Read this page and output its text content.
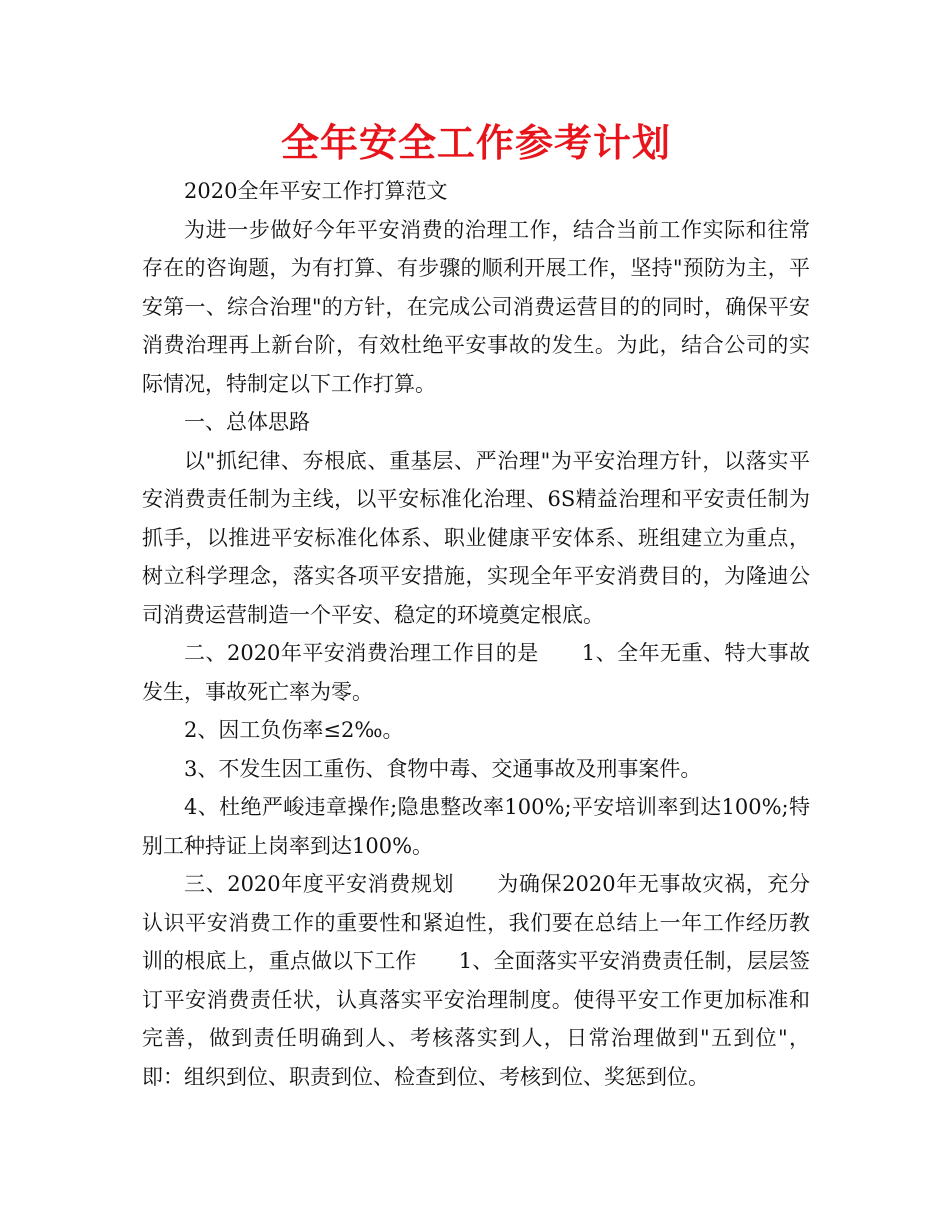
全年安全工作参考计划

2020全年平安工作打算范文

为进一步做好今年平安消费的治理工作，结合当前工作实际和往常存在的咨询题，为有打算、有步骤的顺利开展工作，坚持"预防为主，平安第一、综合治理"的方针，在完成公司消费运营目的的同时，确保平安消费治理再上新台阶，有效杜绝平安事故的发生。为此，结合公司的实际情况，特制定以下工作打算。

一、总体思路

以"抓纪律、夯根底、重基层、严治理"为平安治理方针，以落实平安消费责任制为主线，以平安标准化治理、6S精益治理和平安责任制为抓手，以推进平安标准化体系、职业健康平安体系、班组建立为重点，树立科学理念，落实各项平安措施，实现全年平安消费目的，为隆迪公司消费运营制造一个平安、稳定的环境奠定根底。

二、2020年平安消费治理工作目的是　　1、全年无重、特大事故发生，事故死亡率为零。

2、因工负伤率≤2‰。

3、不发生因工重伤、食物中毒、交通事故及刑事案件。

4、杜绝严峻违章操作;隐患整改率100%;平安培训率到达100%;特别工种持证上岗率到达100%。

三、2020年度平安消费规划　　为确保2020年无事故灾祸，充分认识平安消费工作的重要性和紧迫性，我们要在总结上一年工作经历教训的根底上，重点做以下工作　　1、全面落实平安消费责任制，层层签订平安消费责任状，认真落实平安治理制度。使得平安工作更加标准和完善，做到责任明确到人、考核落实到人，日常治理做到"五到位"，即：组织到位、职责到位、检查到位、考核到位、奖惩到位。
